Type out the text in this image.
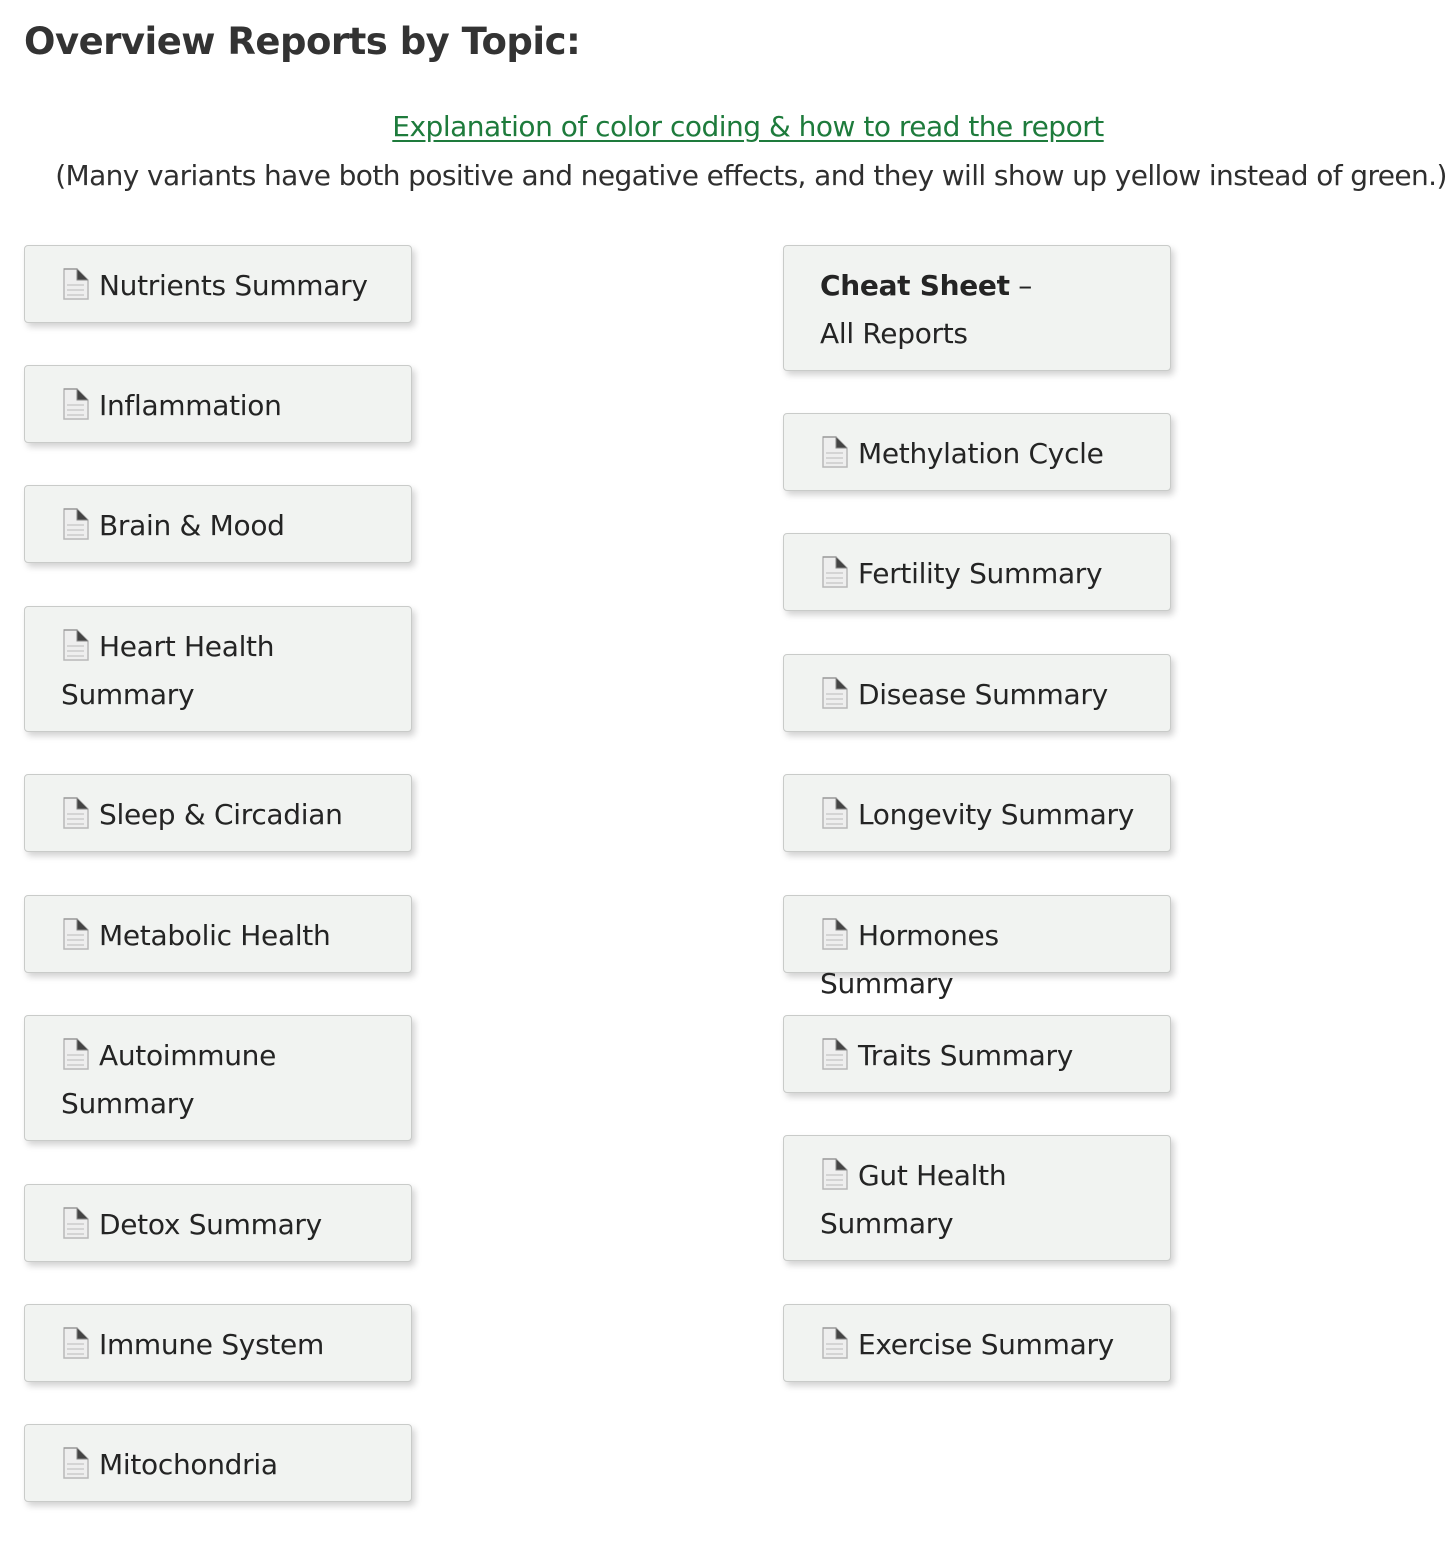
Overview Reports by Topic:
Explanation of color coding & how to read the report
(Many variants have both positive and negative effects, and they will show up yellow instead of green.)
Nutrients Summary
Inflammation
Brain & Mood
Heart Health Summary
Sleep & Circadian
Metabolic Health
Autoimmune Summary
Detox Summary
Immune System
Mitochondria
Cheat Sheet – All Reports
Methylation Cycle
Fertility Summary
Disease Summary
Longevity Summary
Hormones Summary
Traits Summary
Gut Health Summary
Exercise Summary
